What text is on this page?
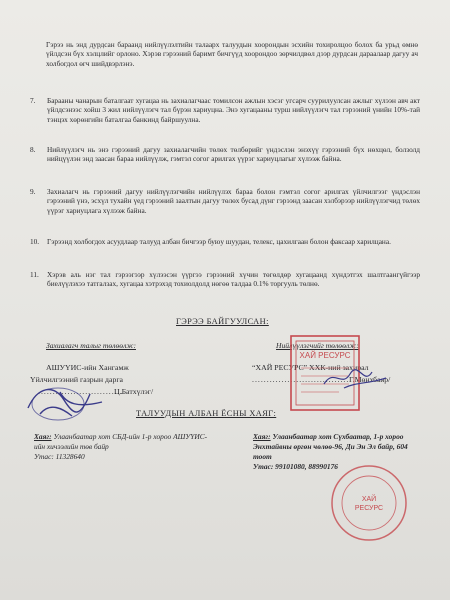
Гэрээ нь энд дурдсан бараанд нийлүүлэлтийн талаарх талуудын хоорондын эсхийн тохиролцоо болох ба урьд өмнө үйлдсэн бүх хэлцлийг орлоно. Хэрэв гэрээний баримт бичгүүд хоорондоо зөрчилдвөл дээр дурдсан дараалаар дагуу ач холбогдол өгч шийдвэрлэнэ.
7.	Барааны чанарын баталгаат хугацаа нь захиалагчаас томилсон ажлын хэсэг угсарч суурилуулсан ажлыг хүлээн авч акт үйлдсэнээс хойш 3 жил нийлүүлэгч тал бүрэн хариуцна. Энэ хугацааны турш нийлүүлэгч тал гэрээний үнийн 10%-тай тэнцэх хөрөнгийн баталгаа банкинд байршуулна.
8.	Нийлүүлэгч нь энэ гэрээний дагуу захиалагчийн төлөх төлбөрийг үндэслэн энэхүү гэрээний бүх нөхцөл, болзолд нийцүүлэн энд заасан бараа нийлүүлж, гэмтэл согог арилгах үүрэг хариуцлагыг хүлээж байна.
9.	Захиалагч нь гэрээний дагуу нийлүүлэгчийн нийлүүлэх бараа болон гэмтэл согог арилгах үйлчилгээг үндэслэн гэрээний үнэ, эсхүл тухайн үед гэрээний заалтын дагуу төлөх бусад дүнг гэрээнд заасан хэлбэрээр нийлүүлэгчид төлөх үүрэг хариуцлага хүлээж байна.
10.	Гэрээнд холбогдох асуудлаар талууд албан бичгээр буюу шуудан, телекс, цахилгаан болон факсаар харилцана.
11.	Хэрэв аль нэг тал гэрээгээр хүлээсэн үүргээ гэрээний хүчин төгөлдөр хугацаанд хүндэтгэх шалтгаангүйгээр биелүүлэхээ татгалзах, хугацаа хэтрэхэд тохиолдолд нөгөө талдаа 0.1% торгууль төлнө.
ГЭРЭЭ БАЙГУУЛСАН:
Захиалагч талыг төлөөлж:
АШУҮИС-ийн Хангамж
Үйлчилгээний газрын дарга
.............................
Ц.Батхүлэг/
Нийлүүлэгчийг төлөөлж:
“ХАЙ РЕСУРС” ХХК-ний захирал
................................. Г.Мөнхбаяр/
ХАЙ РЕСУРС
ТАЛУУДЫН АЛБАН ЁСНЫ ХАЯГ:
Хаяг: Улаанбаатар хот СБД-ийн 1-р хороо АШУҮИС-ийн хичээлийн төв байр
Утас: 11328640
Хаяг: Улаанбаатар хот Сүхбаатар, 1-р хороо Энхтайвны өргөн чөлөө-96, Ди Эн Эл байр, 604 тоот
Утас: 99101080, 88990176
ХАЙ
РЕСУРС
